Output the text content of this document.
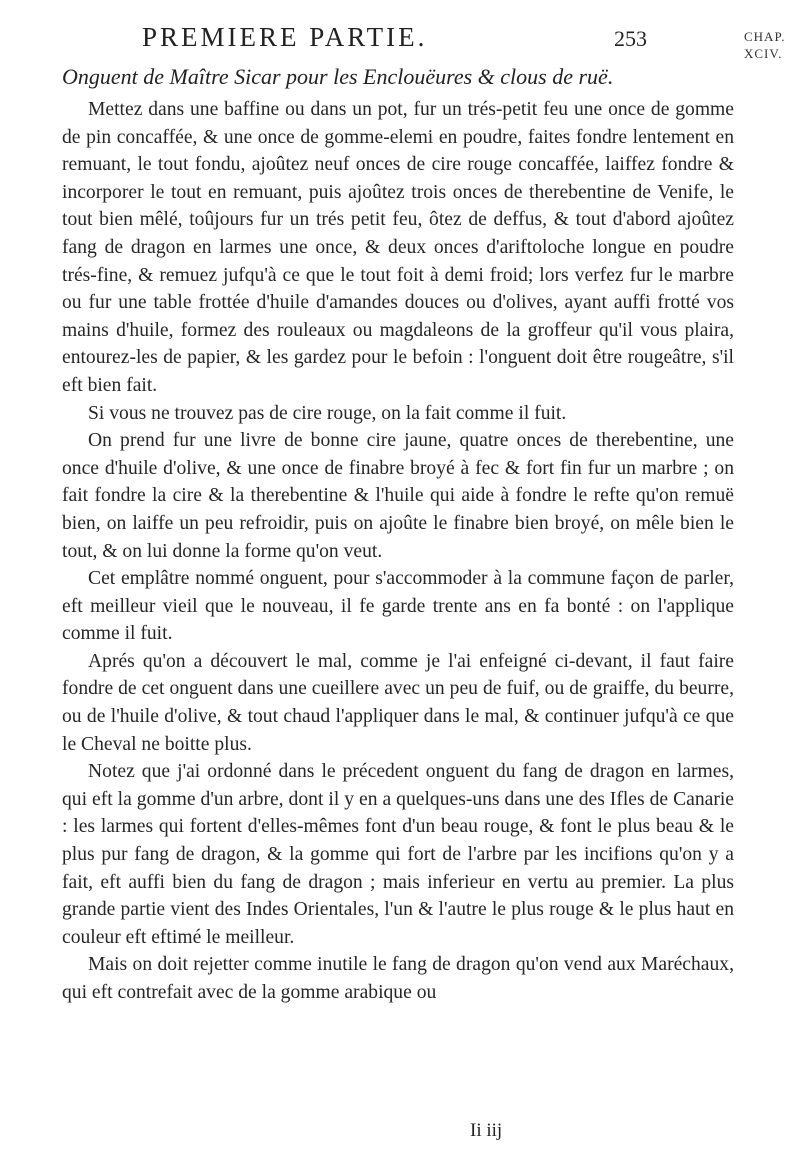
PREMIERE PARTIE.	253	CHAP.
XCIV.
Onguent de Maître Sicar pour les Enclouëures & clous de ruë.

Mettez dans une baffine ou dans un pot, fur un trés-petit feu une once de gomme de pin concaffée, & une once de gomme-elemi en poudre, faites fondre lentement en remuant, le tout fondu, ajoûtez neuf onces de cire rouge concaffée, laiffez fondre & incorporer le tout en remuant, puis ajoûtez trois onces de therebentine de Venife, le tout bien mêlé, toûjours fur un trés petit feu, ôtez de deffus, & tout d'abord ajoûtez fang de dragon en larmes une once, & deux onces d'ariftoloche longue en poudre trés-fine, & remuez jufqu'à ce que le tout foit à demi froid; lors verfez fur le marbre ou fur une table frottée d'huile d'amandes douces ou d'olives, ayant auffi frotté vos mains d'huile, formez des rouleaux ou magdaleons de la groffeur qu'il vous plaira, entourez-les de papier, & les gardez pour le befoin : l'onguent doit être rougeâtre, s'il eft bien fait.

Si vous ne trouvez pas de cire rouge, on la fait comme il fuit.

On prend fur une livre de bonne cire jaune, quatre onces de therebentine, une once d'huile d'olive, & une once de finabre broyé à fec & fort fin fur un marbre ; on fait fondre la cire & la therebentine & l'huile qui aide à fondre le refte qu'on remuë bien, on laiffe un peu refroidir, puis on ajoûte le finabre bien broyé, on mêle bien le tout, & on lui donne la forme qu'on veut.

Cet emplâtre nommé onguent, pour s'accommoder à la commune façon de parler, eft meilleur vieil que le nouveau, il fe garde trente ans en fa bonté : on l'applique comme il fuit.

Aprés qu'on a découvert le mal, comme je l'ai enfeigné ci-devant, il faut faire fondre de cet onguent dans une cueillere avec un peu de fuif, ou de graiffe, du beurre, ou de l'huile d'olive, & tout chaud l'appliquer dans le mal, & continuer jufqu'à ce que le Cheval ne boitte plus.

Notez que j'ai ordonné dans le précedent onguent du fang de dragon en larmes, qui eft la gomme d'un arbre, dont il y en a quelques-uns dans une des Ifles de Canarie : les larmes qui fortent d'elles-mêmes font d'un beau rouge, & font le plus beau & le plus pur fang de dragon, & la gomme qui fort de l'arbre par les incifions qu'on y a fait, eft auffi bien du fang de dragon ; mais inferieur en vertu au premier. La plus grande partie vient des Indes Orientales, l'un & l'autre le plus rouge & le plus haut en couleur eft eftimé le meilleur.

Mais on doit rejetter comme inutile le fang de dragon qu'on vend aux Maréchaux, qui eft contrefait avec de la gomme arabique ou

Ii iij
